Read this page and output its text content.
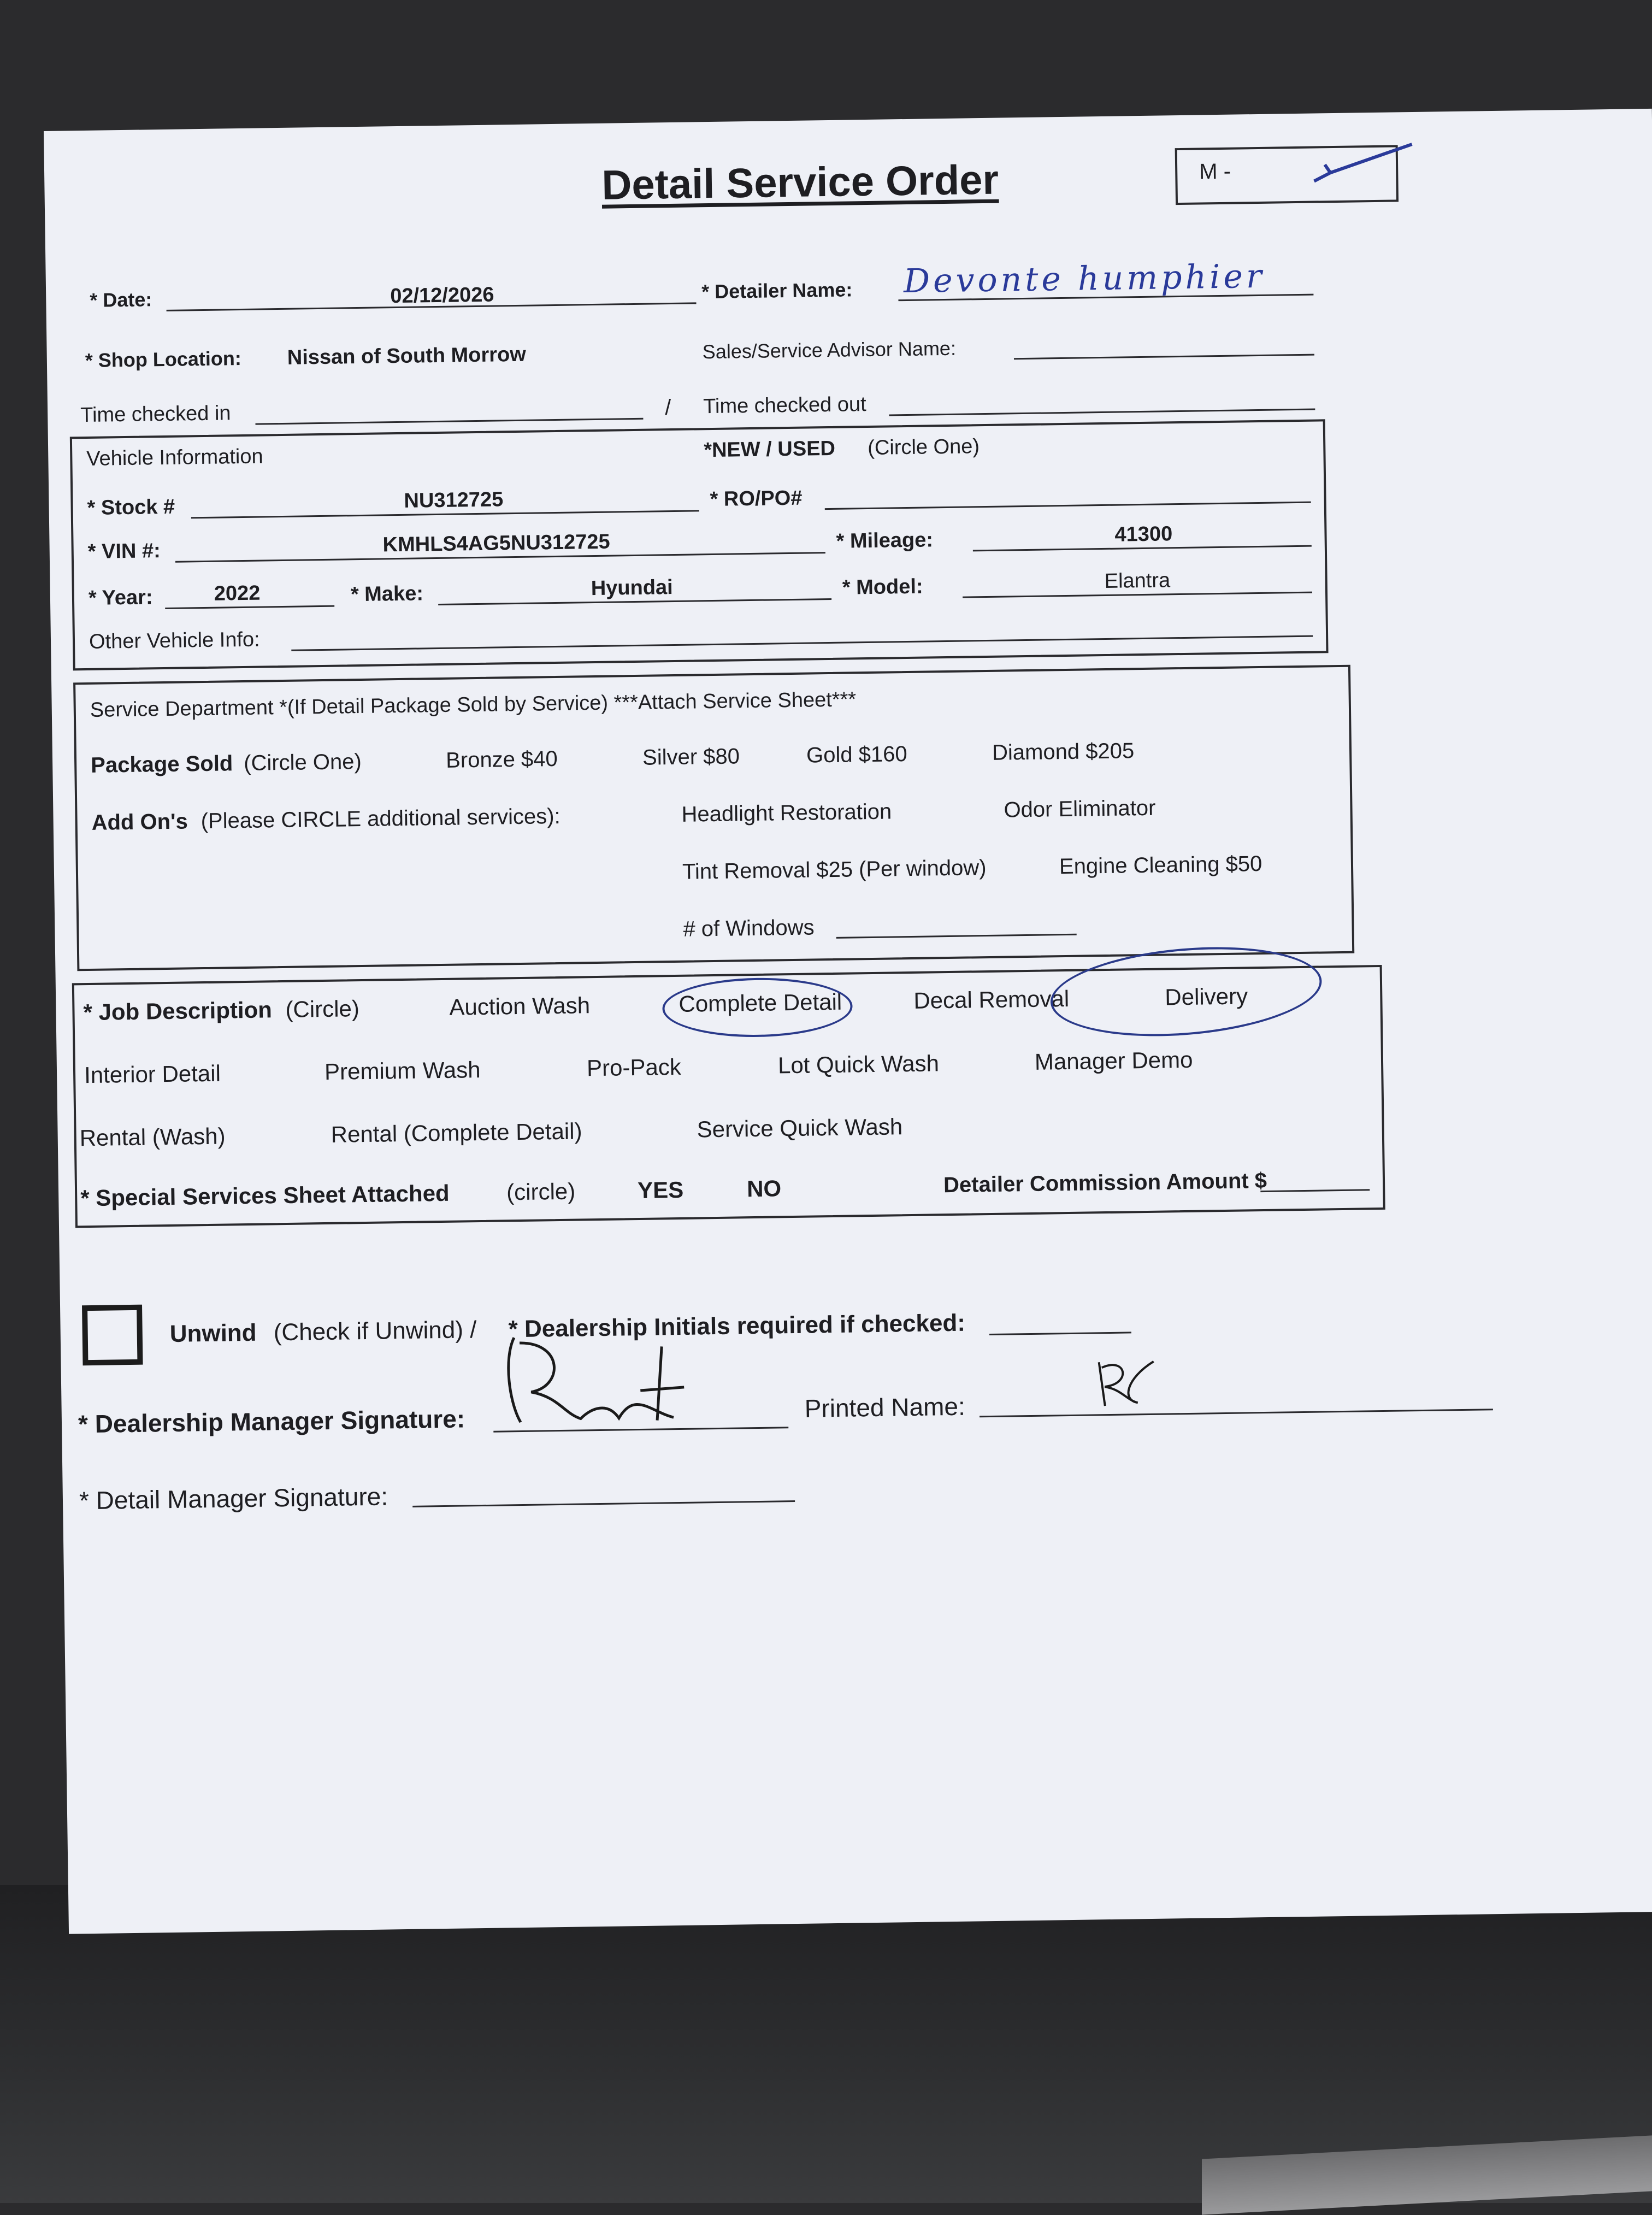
Detail Service Order	M -
* Date:	02/12/2026	* Detailer Name: Devonte humphier
* Shop Location: Nissan of South Morrow	Sales/Service Advisor Name:
Time checked in	/ Time checked out
Vehicle Information	*NEW / USED (Circle One)
* Stock #	NU312725	* RO/PO#
* VIN #:	KMHLS4AG5NU312725	* Mileage:	41300
* Year:	2022	* Make:	Hyundai	* Model:	Elantra
Other Vehicle Info:
Service Department *(If Detail Package Sold by Service) ***Attach Service Sheet***
Package Sold (Circle One)	Bronze $40	Silver $80	Gold $160	Diamond $205
Add On's (Please CIRCLE additional services):	Headlight Restoration	Odor Eliminator
Tint Removal $25 (Per window)	Engine Cleaning $50
# of Windows
* Job Description (Circle)	Auction Wash	Complete Detail	Decal Removal	Delivery
Interior Detail	Premium Wash	Pro-Pack	Lot Quick Wash	Manager Demo
Rental (Wash)	Rental (Complete Detail)	Service Quick Wash
* Special Services Sheet Attached (circle)	YES	NO	Detailer Commission Amount $
Unwind (Check if Unwind) / * Dealership Initials required if checked:
* Dealership Manager Signature:	Printed Name:
* Detail Manager Signature:
